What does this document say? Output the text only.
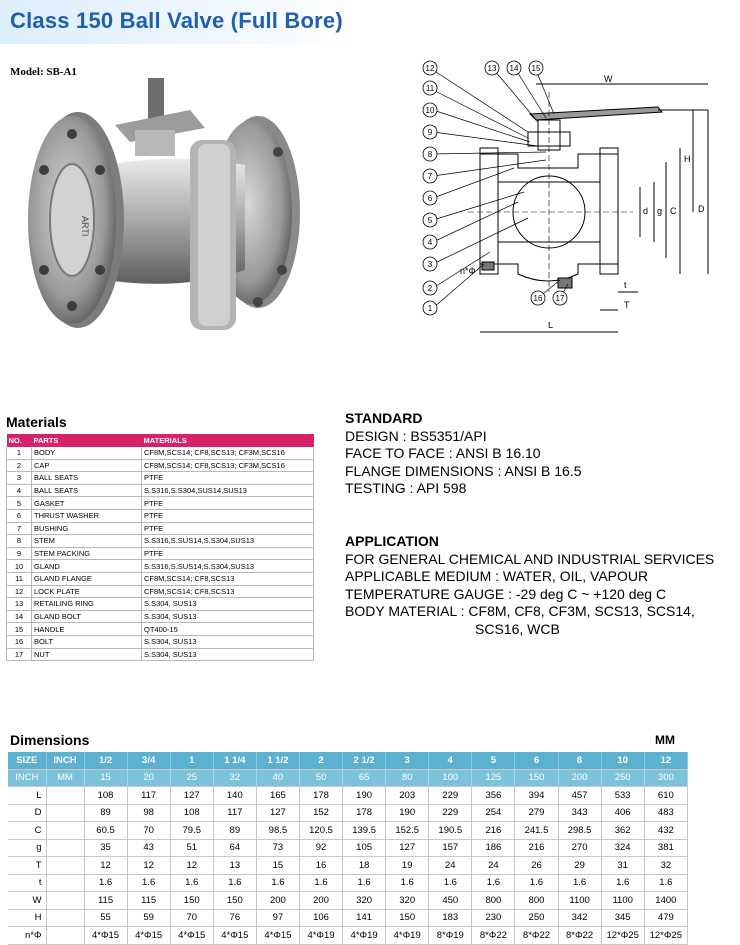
Class 150 Ball Valve (Full Bore)
Model: SB-A1
ARTI
12	13 14 15
11
10
9
8
7
6
5
4
3
2
1
16 17
W
H
D
C
g
d
L
T
t
n*Φ
Materials
NO.	PARTS	MATERIALS
1	BODY	CF8M,SCS14; CF8,SCS13; CF3M,SCS16
2	CAP	CF8M,SCS14; CF8,SCS13; CF3M,SCS16
3	BALL SEATS	PTFE
4	BALL SEATS	S.S316,S.S304,SUS14,SUS13
5	GASKET	PTFE
6	THRUST WASHER	PTFE
7	BUSHING	PTFE
8	STEM	S.S316,S.SUS14,S.S304,SUS13
9	STEM PACKING	PTFE
10	GLAND	S.S316,S.SUS14,S.S304,SUS13
11	GLAND FLANGE	CF8M,SCS14; CF8,SCS13
12	LOCK PLATE	CF8M,SCS14; CF8,SCS13
13	RETAILING RING	S.S304, SUS13
14	GLAND BOLT	S.S304, SUS13
15	HANDLE	QT400-15
16	BOLT	S.S304, SUS13
17	NUT	S.S304, SUS13
STANDARD
DESIGN : BS5351/API
FACE TO FACE : ANSI B 16.10
FLANGE DIMENSIONS : ANSI B 16.5
TESTING : API 598
APPLICATION
FOR GENERAL CHEMICAL AND INDUSTRIAL SERVICES
APPLICABLE MEDIUM : WATER, OIL, VAPOUR
TEMPERATURE GAUGE : -29 deg C ~ +120 deg C
BODY MATERIAL : CF8M, CF8, CF3M, SCS13, SCS14,
SCS16, WCB
Dimensions	MM
SIZE	INCH	1/2	3/4	1	1 1/4	1 1/2	2	2 1/2	3	4	5	6	8	10	12
INCH	MM	15	20	25	32	40	50	65	80	100	125	150	200	250	300
L		108	117	127	140	165	178	190	203	229	356	394	457	533	610
D		89	98	108	117	127	152	178	190	229	254	279	343	406	483
C		60.5	70	79.5	89	98.5	120.5	139.5	152.5	190.5	216	241.5	298.5	362	432
g		35	43	51	64	73	92	105	127	157	186	216	270	324	381
T		12	12	12	13	15	16	18	19	24	24	26	29	31	32
t		1.6	1.6	1.6	1.6	1.6	1.6	1.6	1.6	1.6	1.6	1.6	1.6	1.6	1.6
W		115	115	150	150	200	200	320	320	450	800	800	1100	1100	1400
H		55	59	70	76	97	106	141	150	183	230	250	342	345	479
n*Φ		4*Φ15	4*Φ15	4*Φ15	4*Φ15	4*Φ15	4*Φ19	4*Φ19	4*Φ19	8*Φ19	8*Φ22	8*Φ22	8*Φ22	12*Φ25	12*Φ25
